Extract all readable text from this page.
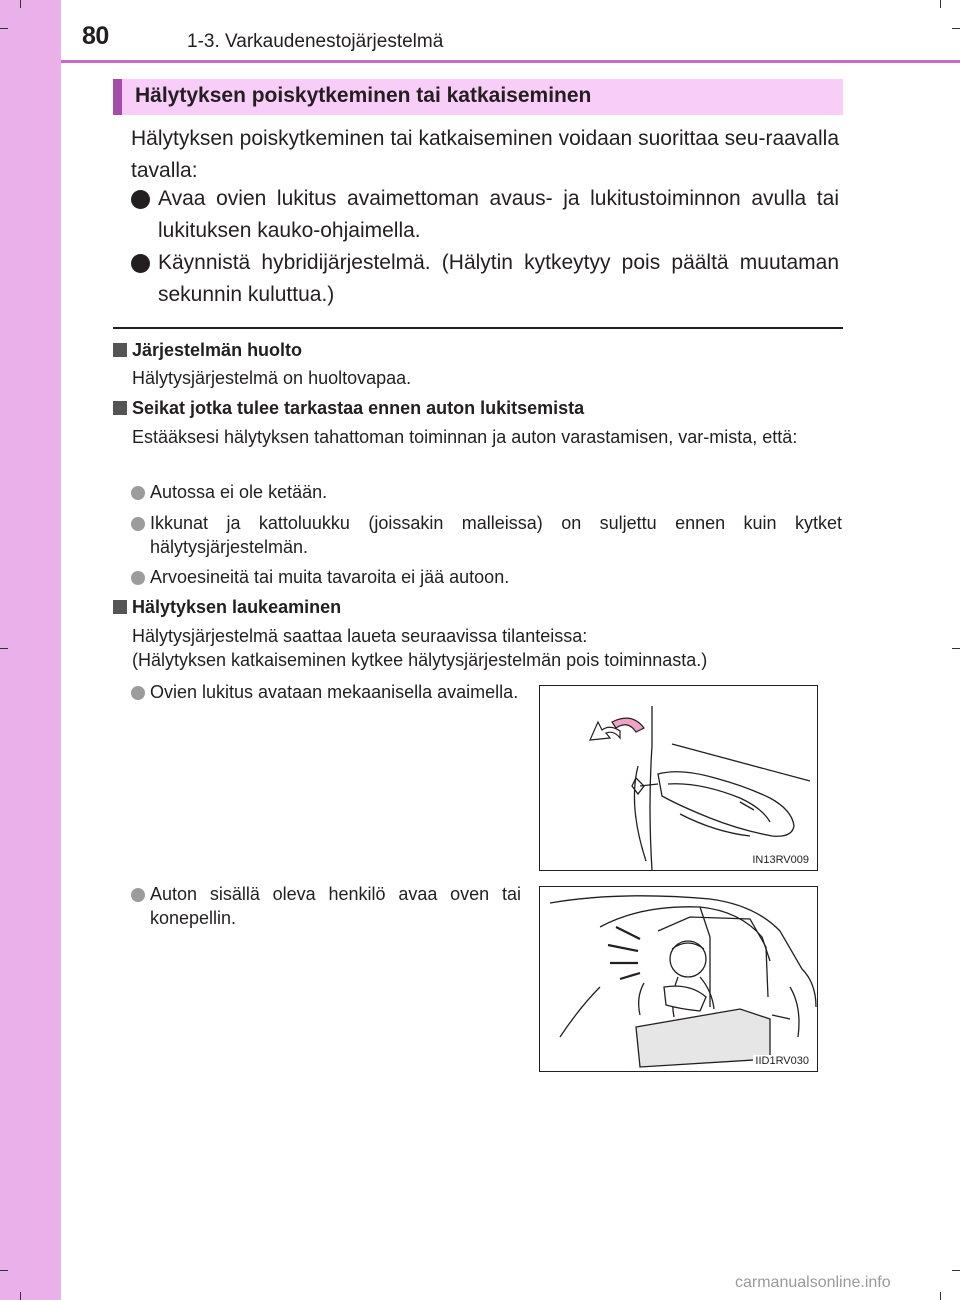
80	1-3. Varkaudenestojärjestelmä
Hälytyksen poiskytkeminen tai katkaiseminen
Hälytyksen poiskytkeminen tai katkaiseminen voidaan suorittaa seu-raavalla tavalla:
Avaa ovien lukitus avaimettoman avaus- ja lukitustoiminnon avulla tai lukituksen kauko-ohjaimella.
Käynnistä hybridijärjestelmä. (Hälytin kytkeytyy pois päältä muutaman sekunnin kuluttua.)
Järjestelmän huolto
Hälytysjärjestelmä on huoltovapaa.
Seikat jotka tulee tarkastaa ennen auton lukitsemista
Estääksesi hälytyksen tahattoman toiminnan ja auton varastamisen, var-mista, että:
Autossa ei ole ketään.
Ikkunat ja kattoluukku (joissakin malleissa) on suljettu ennen kuin kytket hälytysjärjestelmän.
Arvoesineitä tai muita tavaroita ei jää autoon.
Hälytyksen laukeaminen
Hälytysjärjestelmä saattaa laueta seuraavissa tilanteissa:
(Hälytyksen katkaiseminen kytkee hälytysjärjestelmän pois toiminnasta.)
Ovien lukitus avataan mekaanisella avaimella.
Auton sisällä oleva henkilö avaa oven tai konepellin.
IN13RV009
IID1RV030
carmanualsonline.info
